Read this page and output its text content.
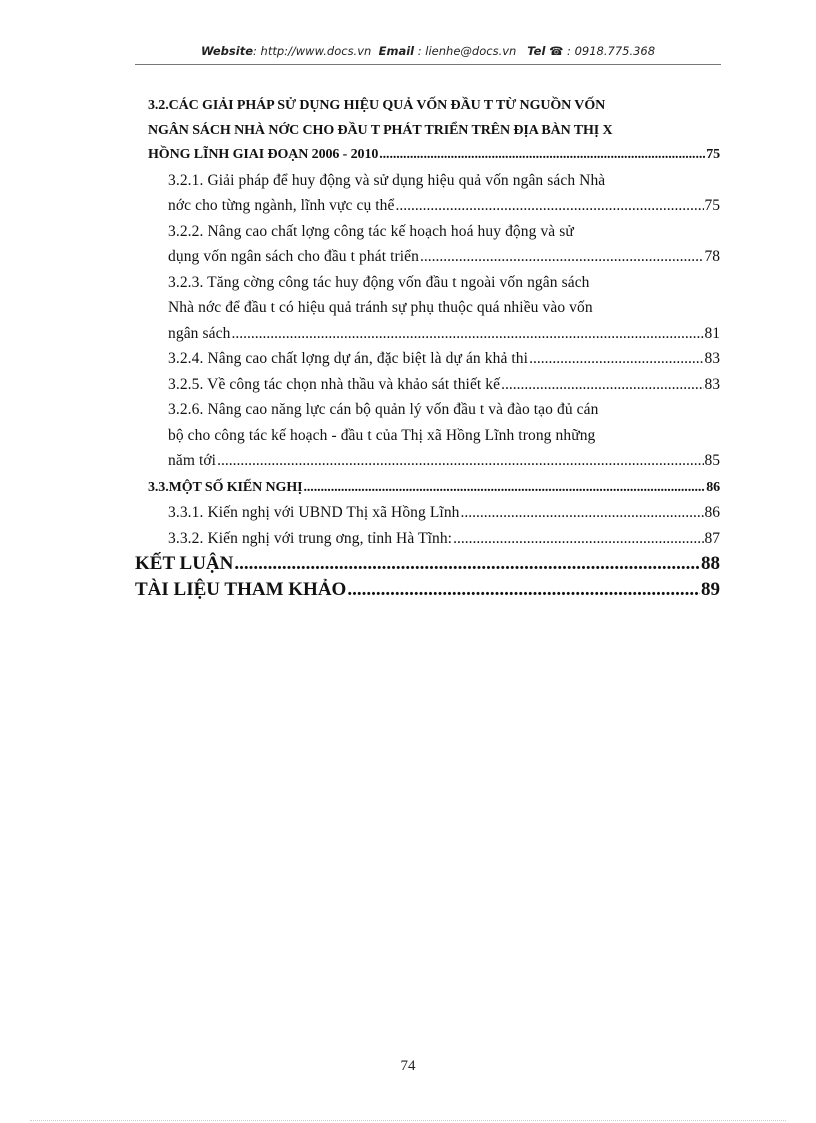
Website: http://www.docs.vn Email : lienhe@docs.vn Tel ☎ : 0918.775.368
3.2.CÁC GIẢI PHÁP SỬ DỤNG HIỆU QUẢ VỐN ĐẦU T TỪ NGUỒN VỐN
NGÂN SÁCH NHÀ NỚC CHO ĐẦU T PHÁT TRIỂN TRÊN ĐỊA BÀN THỊ X
HỒNG LĨNH GIAI ĐOẠN 2006 - 2010 .....	75
3.2.1. Giải pháp để huy động và sử dụng hiệu quả vốn ngân sách Nhà
nớc cho từng ngành, lĩnh vực cụ thể .....	75
3.2.2. Nâng cao chất lợng công tác kế hoạch hoá huy động và sử
dụng vốn ngân sách cho đầu t phát triển .....	78
3.2.3. Tăng cờng công tác huy động vốn đầu t ngoài vốn ngân sách
Nhà nớc để đầu t có hiệu quả tránh sự phụ thuộc quá nhiều vào vốn
ngân sách .....	81
3.2.4. Nâng cao chất lợng dự án, đặc biệt là dự án khả thi .....	83
3.2.5. Về công tác chọn nhà thầu và khảo sát thiết kế .....	83
3.2.6. Nâng cao năng lực cán bộ quản lý vốn đầu t và đào tạo đủ cán
bộ cho công tác kế hoạch - đầu t của Thị xã Hồng Lĩnh trong những
năm tới .....	85
3.3.MỘT SỐ KIẾN NGHỊ .....	86
3.3.1. Kiến nghị với UBND Thị xã Hồng Lĩnh .....	86
3.3.2. Kiến nghị với trung ơng, tỉnh Hà Tĩnh: .....	87
KẾT LUẬN .....	88
TÀI LIỆU THAM KHẢO .....	89
74
